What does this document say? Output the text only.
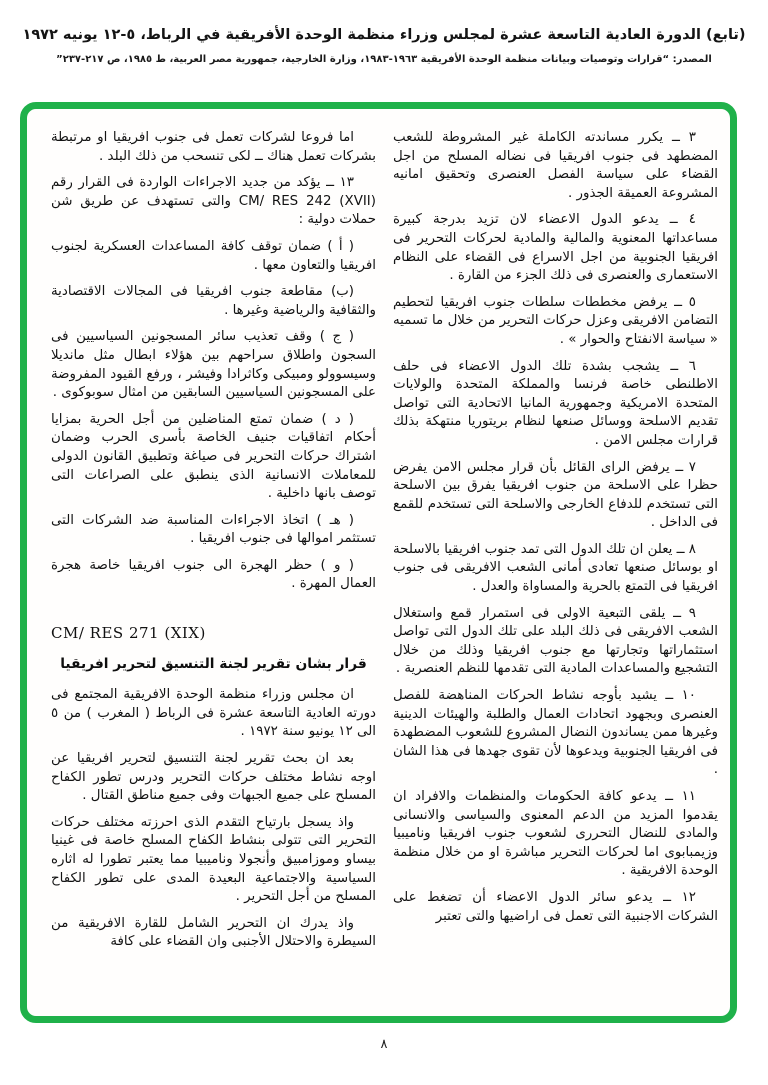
(تابع) الدورة العادية التاسعة عشرة لمجلس وزراء منظمة الوحدة الأفريقية في الرباط، ٥-١٢ يونيه ١٩٧٢
المصدر: “قرارات وتوصيات وبيانات منظمة الوحدة الأفريقية ١٩٦٣-١٩٨٣، وزارة الخارجية، جمهورية مصر العربية، ط ١٩٨٥، ص ٢١٧-٢٣٧”

٣ ــ يكرر مساندته الكاملة غير المشروطة للشعب المضطهد فى جنوب افريقيا فى نضاله المسلح من اجل القضاء على سياسة الفصل العنصرى وتحقيق امانيه المشروعة العميقة الجذور .

٤ ــ يدعو الدول الاعضاء لان تزيد بدرجة كبيرة مساعداتها المعنوية والمالية والمادية لحركات التحرير فى افريقيا الجنوبية من اجل الاسراع فى القضاء على النظام الاستعمارى والعنصرى فى ذلك الجزء من القارة .

٥ ــ يرفض مخططات سلطات جنوب افريقيا لتحطيم التضامن الافريقى وعزل حركات التحرير من خلال ما تسميه « سياسة الانفتاح والحوار » .

٦ ــ يشجب بشدة تلك الدول الاعضاء فى حلف الاطلنطى خاصة فرنسا والمملكة المتحدة والولايات المتحدة الامريكية وجمهورية المانيا الاتحادية التى تواصل تقديم الاسلحة ووسائل صنعها لنظام بريتوريا منتهكة بذلك قرارات مجلس الامن .

٧ ــ يرفض الراى القائل بأن قرار مجلس الامن يفرض حظرا على الاسلحة من جنوب افريقيا يفرق بين الاسلحة التى تستخدم للدفاع الخارجى والاسلحة التى تستخدم للقمع فى الداخل .

٨ ــ يعلن ان تلك الدول التى تمد جنوب افريقيا بالاسلحة او بوسائل صنعها تعادى أمانى الشعب الافريقى فى جنوب افريقيا فى التمتع بالحرية والمساواة والعدل .

٩ ــ يلقى التبعية الاولى فى استمرار قمع واستغلال الشعب الافريقى فى ذلك البلد على تلك الدول التى تواصل استثماراتها وتجارتها مع جنوب افريقيا وذلك من خلال التشجيع والمساعدات المادية التى تقدمها للنظم العنصرية .

١٠ ــ يشيد بأوجه نشاط الحركات المناهضة للفصل العنصرى وبجهود اتحادات العمال والطلبة والهيئات الدينية وغيرها ممن يساندون النضال المشروع للشعوب المضطهدة فى افريقيا الجنوبية ويدعوها لأن تقوى جهدها فى هذا الشان .

١١ ــ يدعو كافة الحكومات والمنظمات والافراد ان يقدموا المزيد من الدعم المعنوى والسياسى والانسانى والمادى للنضال التحررى لشعوب جنوب افريقيا وناميبيا وزيمبابوى اما لحركات التحرير مباشرة او من خلال منظمة الوحدة الافريقية .

١٢ ــ يدعو سائر الدول الاعضاء أن تضغط على الشركات الاجنبية التى تعمل فى اراضيها والتى تعتبر

اما فروعا لشركات تعمل فى جنوب افريقيا او مرتبطة بشركات تعمل هناك ــ لكى تنسحب من ذلك البلد .

١٣ ــ يؤكد من جديد الاجراءات الواردة فى القرار رقم CM/ RES 242 (XVII) والتى تستهدف عن طريق شن حملات دولية :

( أ ) ضمان توقف كافة المساعدات العسكرية لجنوب افريقيا والتعاون معها .

(ب) مقاطعة جنوب افريقيا فى المجالات الاقتصادية والثقافية والرياضية وغيرها .

( ج ) وقف تعذيب سائر المسجونين السياسيين فى السجون واطلاق سراحهم بين هؤلاء ابطال مثل مانديلا وسيسوولو ومبيكى وكاثرادا وفيشر ، ورفع القيود المفروضة على المسجونين السياسيين السابقين من امثال سوبوكوى .

( د ) ضمان تمتع المناضلين من أجل الحرية بمزايا أحكام اتفاقيات جنيف الخاصة بأسرى الحرب وضمان اشتراك حركات التحرير فى صياغة وتطبيق القانون الدولى للمعاملات الانسانية الذى ينطبق على الصراعات التى توصف بانها داخلية .

( هـ ) اتخاذ الاجراءات المناسبة ضد الشركات التى تستثمر اموالها فى جنوب افريقيا .

( و ) حظر الهجرة الى جنوب افريقيا خاصة هجرة العمال المهرة .

CM/ RES 271 (XIX)

قرار بشان تقرير لجنة التنسيق لتحرير افريقيا

ان مجلس وزراء منظمة الوحدة الافريقية المجتمع فى دورته العادية التاسعة عشرة فى الرباط ( المغرب ) من ٥ الى ١٢ يونيو سنة ١٩٧٢ .

بعد ان بحث تقرير لجنة التنسيق لتحرير افريقيا عن اوجه نشاط مختلف حركات التحرير ودرس تطور الكفاح المسلح على جميع الجبهات وفى جميع مناطق القتال .

واذ يسجل بارتياح التقدم الذى احرزته مختلف حركات التحرير التى تتولى بنشاط الكفاح المسلح خاصة فى غينيا بيساو وموزامبيق وأنجولا وناميبيا مما يعتبر تطورا له اثاره السياسية والاجتماعية البعيدة المدى على تطور الكفاح المسلح من أجل التحرير .

واذ يدرك ان التحرير الشامل للقارة الافريقية من السيطرة والاحتلال الأجنبى وان القضاء على كافة

٨
